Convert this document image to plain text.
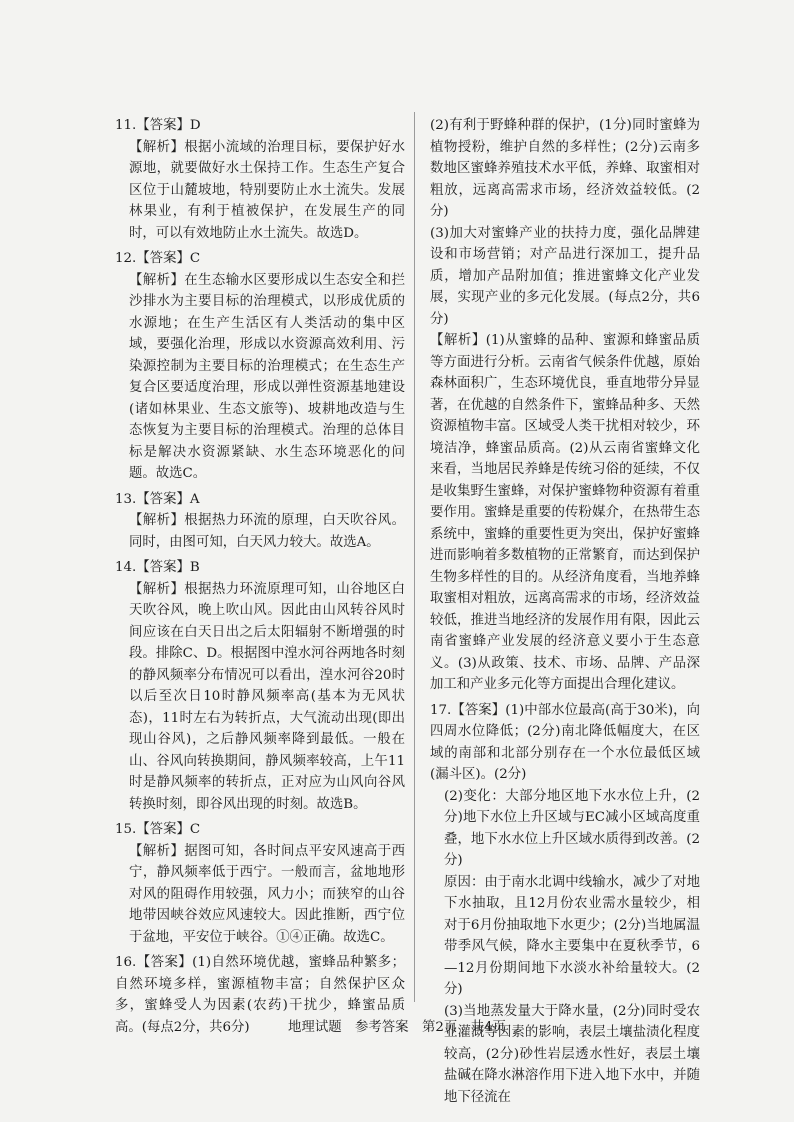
11.【答案】D

【解析】根据小流域的治理目标，要保护好水源地，就要做好水土保持工作。生态生产复合区位于山麓坡地，特别要防止水土流失。发展林果业，有利于植被保护，在发展生产的同时，可以有效地防止水土流失。故选D。

12.【答案】C

【解析】在生态输水区要形成以生态安全和拦沙排水为主要目标的治理模式，以形成优质的水源地；在生产生活区有人类活动的集中区域，要强化治理，形成以水资源高效利用、污染源控制为主要目标的治理模式；在生态生产复合区要适度治理，形成以弹性资源基地建设(诸如林果业、生态文旅等)、坡耕地改造与生态恢复为主要目标的治理模式。治理的总体目标是解决水资源紧缺、水生态环境恶化的问题。故选C。

13.【答案】A

【解析】根据热力环流的原理，白天吹谷风。同时，由图可知，白天风力较大。故选A。

14.【答案】B

【解析】根据热力环流原理可知，山谷地区白天吹谷风，晚上吹山风。因此由山风转谷风时间应该在白天日出之后太阳辐射不断增强的时段。排除C、D。根据图中湟水河谷两地各时刻的静风频率分布情况可以看出，湟水河谷20时以后至次日10时静风频率高(基本为无风状态)，11时左右为转折点，大气流动出现(即出现山谷风)，之后静风频率降到最低。一般在山、谷风向转换期间，静风频率较高，上午11时是静风频率的转折点，正对应为山风向谷风转换时刻，即谷风出现的时刻。故选B。

15.【答案】C

【解析】据图可知，各时间点平安风速高于西宁，静风频率低于西宁。一般而言，盆地地形对风的阻碍作用较强，风力小；而狭窄的山谷地带因峡谷效应风速较大。因此推断，西宁位于盆地，平安位于峡谷。①④正确。故选C。

16.【答案】(1)自然环境优越，蜜蜂品种繁多；自然环境多样，蜜源植物丰富；自然保护区众多，蜜蜂受人为因素(农药)干扰少，蜂蜜品质高。(每点2分，共6分)

(2)有利于野蜂种群的保护，(1分)同时蜜蜂为植物授粉，维护自然的多样性；(2分)云南多数地区蜜蜂养殖技术水平低，养蜂、取蜜相对粗放，远离高需求市场，经济效益较低。(2分)

(3)加大对蜜蜂产业的扶持力度，强化品牌建设和市场营销；对产品进行深加工，提升品质，增加产品附加值；推进蜜蜂文化产业发展，实现产业的多元化发展。(每点2分，共6分)

【解析】(1)从蜜蜂的品种、蜜源和蜂蜜品质等方面进行分析。云南省气候条件优越，原始森林面积广，生态环境优良，垂直地带分异显著，在优越的自然条件下，蜜蜂品种多、天然资源植物丰富。区域受人类干扰相对较少，环境洁净，蜂蜜品质高。(2)从云南省蜜蜂文化来看，当地居民养蜂是传统习俗的延续，不仅是收集野生蜜蜂，对保护蜜蜂物种资源有着重要作用。蜜蜂是重要的传粉媒介，在热带生态系统中，蜜蜂的重要性更为突出，保护好蜜蜂进而影响着多数植物的正常繁育，而达到保护生物多样性的目的。从经济角度看，当地养蜂取蜜相对粗放，远离高需求的市场，经济效益较低，推进当地经济的发展作用有限，因此云南省蜜蜂产业发展的经济意义要小于生态意义。(3)从政策、技术、市场、品牌、产品深加工和产业多元化等方面提出合理化建议。

17.【答案】(1)中部水位最高(高于30米)，向四周水位降低；(2分)南北降低幅度大，在区域的南部和北部分别存在一个水位最低区域(漏斗区)。(2分)

(2)变化：大部分地区地下水水位上升，(2分)地下水位上升区域与EC减小区域高度重叠，地下水水位上升区域水质得到改善。(2分)

原因：由于南水北调中线输水，减少了对地下水抽取，且12月份农业需水量较少，相对于6月份抽取地下水更少；(2分)当地属温带季风气候，降水主要集中在夏秋季节，6—12月份期间地下水淡水补给量较大。(2分)

(3)当地蒸发量大于降水量，(2分)同时受农业灌溉等因素的影响，表层土壤盐渍化程度较高，(2分)砂性岩层透水性好，表层土壤盐碱在降水淋溶作用下进入地下水中，并随地下径流在

地理试题　参考答案　第2页　共4页
